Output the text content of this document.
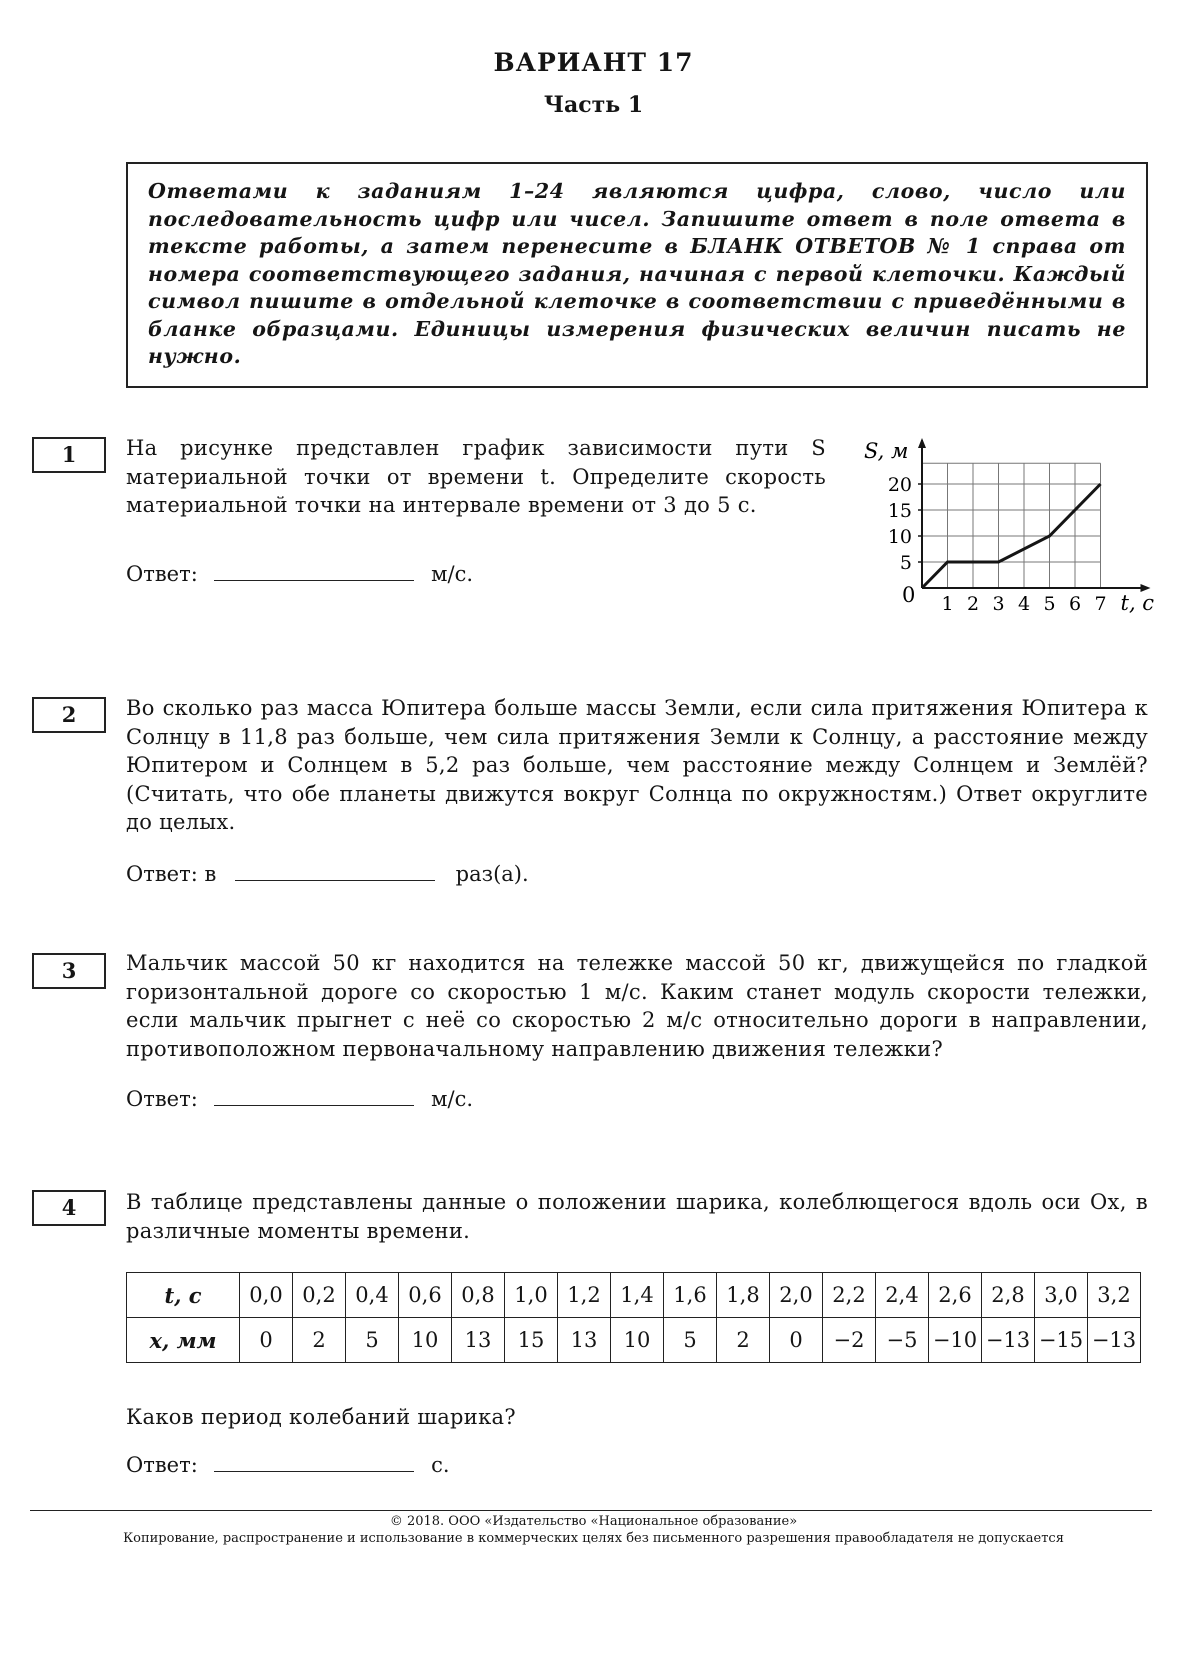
ВАРИАНТ 17
Часть 1
Ответами к заданиям 1–24 являются цифра, слово, число или последовательность цифр или чисел. Запишите ответ в поле ответа в тексте работы, а затем перенесите в БЛАНК ОТВЕТОВ № 1 справа от номера соответствующего задания, начиная с первой клеточки. Каждый символ пишите в отдельной клеточке в соответствии с приведёнными в бланке образцами. Единицы измерения физических величин писать не нужно.
1	На рисунке представлен график зависимости пути S материальной точки от времени t. Определите скорость материальной точки на интервале времени от 3 до 5 с.
Ответ:	м/с.
1 2 3 4 5 6 7
5
10
15
20
S, м
t, с
0
2	Во сколько раз масса Юпитера больше массы Земли, если сила притяжения Юпитера к Солнцу в 11,8 раз больше, чем сила притяжения Земли к Солнцу, а расстояние между Юпитером и Солнцем в 5,2 раз больше, чем расстояние между Солнцем и Землёй? (Считать, что обе планеты движутся вокруг Солнца по окружностям.) Ответ округлите до целых.
Ответ: в	раз(а).
3	Мальчик массой 50 кг находится на тележке массой 50 кг, движущейся по гладкой горизонтальной дороге со скоростью 1 м/с. Каким станет модуль скорости тележки, если мальчик прыгнет с неё со скоростью 2 м/с относительно дороги в направлении, противоположном первоначальному направлению движения тележки?
Ответ:	м/с.
4	В таблице представлены данные о положении шарика, колеблющегося вдоль оси Ox, в различные моменты времени.
t, с	0,0	0,2	0,4	0,6	0,8	1,0	1,2	1,4	1,6	1,8	2,0	2,2	2,4	2,6	2,8	3,0	3,2
x, мм	0	2	5	10	13	15	13	10	5	2	0	−2	−5	−10	−13	−15	−13
Каков период колебаний шарика?
Ответ:	с.
© 2018. ООО «Издательство «Национальное образование»
Копирование, распространение и использование в коммерческих целях без письменного разрешения правообладателя не допускается
